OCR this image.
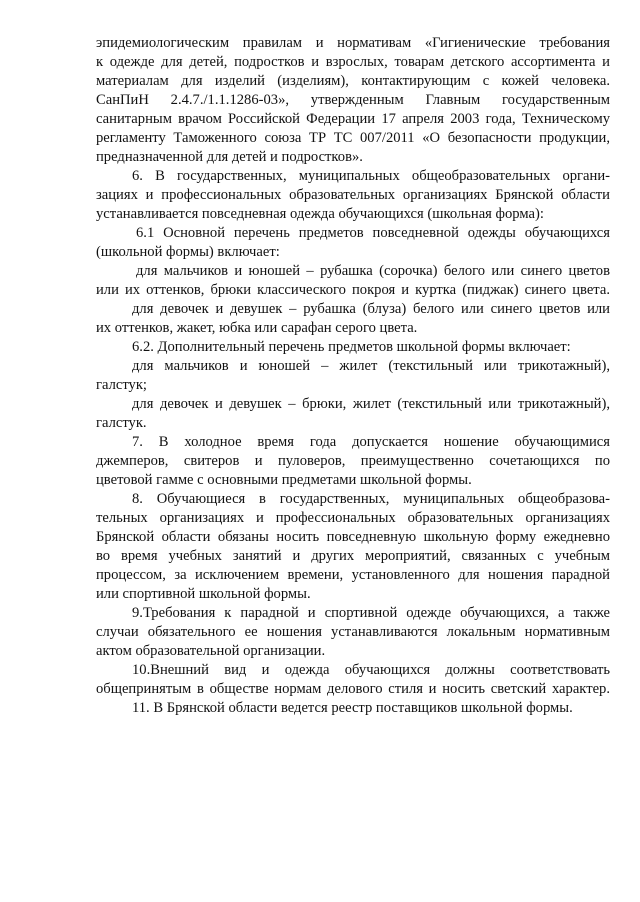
эпидемиологическим правилам и нормативам «Гигиенические требования
к одежде для детей, подростков и взрослых, товарам детского ассортимента и
материалам для изделий (изделиям), контактирующим с кожей человека.
СанПиН 2.4.7./1.1.1286-03», утвержденным Главным государственным
санитарным врачом Российской Федерации 17 апреля 2003 года, Техническому
регламенту Таможенного союза ТР ТС 007/2011 «О безопасности продукции,
предназначенной для детей и подростков».
6. В государственных, муниципальных общеобразовательных органи-
зациях и профессиональных образовательных организациях Брянской области
устанавливается повседневная одежда обучающихся (школьная форма):
6.1 Основной перечень предметов повседневной одежды обучающихся
(школьной формы) включает:
для мальчиков и юношей – рубашка (сорочка) белого или синего цветов
или их оттенков, брюки классического покроя и куртка (пиджак) синего цвета.
для девочек и девушек – рубашка (блуза) белого или синего цветов или
их оттенков, жакет, юбка или сарафан серого цвета.
6.2. Дополнительный перечень предметов школьной формы включает:
для мальчиков и юношей – жилет (текстильный или трикотажный),
галстук;
для девочек и девушек – брюки, жилет (текстильный или трикотажный),
галстук.
7. В холодное время года допускается ношение обучающимися
джемперов, свитеров и пуловеров, преимущественно сочетающихся по
цветовой гамме с основными предметами школьной формы.
8. Обучающиеся в государственных, муниципальных общеобразова-
тельных организациях и профессиональных образовательных организациях
Брянской области обязаны носить повседневную школьную форму ежедневно
во время учебных занятий и других мероприятий, связанных с учебным
процессом, за исключением времени, установленного для ношения парадной
или спортивной школьной формы.
9.Требования к парадной и спортивной одежде обучающихся, а также
случаи обязательного ее ношения устанавливаются локальным нормативным
актом образовательной организации.
10.Внешний вид и одежда обучающихся должны соответствовать
общепринятым в обществе нормам делового стиля и носить светский характер.
11. В Брянской области ведется реестр поставщиков школьной формы.
